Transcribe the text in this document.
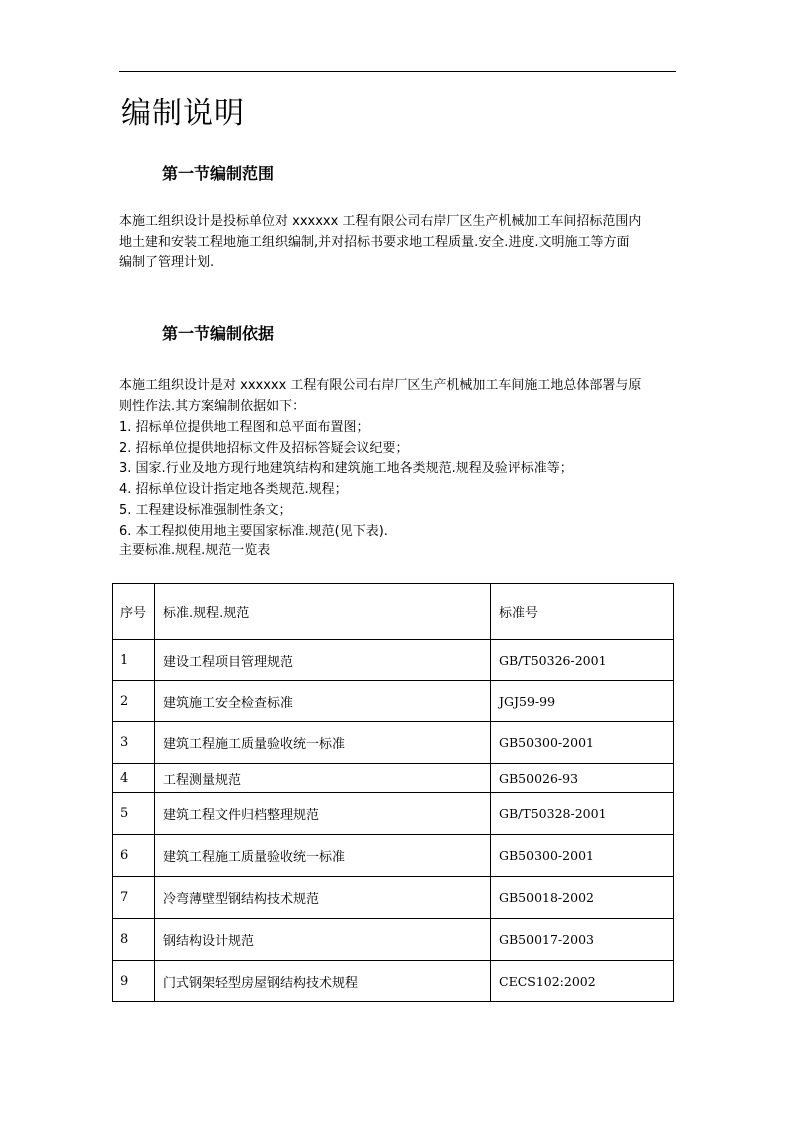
编制说明
第一节编制范围

本施工组织设计是投标单位对 xxxxxx 工程有限公司右岸厂区生产机械加工车间招标范围内
地土建和安装工程地施工组织编制,并对招标书要求地工程质量.安全.进度.文明施工等方面
编制了管理计划.

第一节编制依据

本施工组织设计是对 xxxxxx 工程有限公司右岸厂区生产机械加工车间施工地总体部署与原
则性作法.其方案编制依据如下：

1. 招标单位提供地工程图和总平面布置图；
2. 招标单位提供地招标文件及招标答疑会议纪要；
3. 国家.行业及地方现行地建筑结构和建筑施工地各类规范.规程及验评标准等；
4. 招标单位设计指定地各类规范.规程；
5. 工程建设标准强制性条文；
6. 本工程拟使用地主要国家标准.规范(见下表).

主要标准.规程.规范一览表

序号	标准.规程.规范	标准号
1	建设工程项目管理规范	GB/T50326-2001
2	建筑施工安全检查标准	JGJ59-99
3	建筑工程施工质量验收统一标准	GB50300-2001
4	工程测量规范	GB50026-93
5	建筑工程文件归档整理规范	GB/T50328-2001
6	建筑工程施工质量验收统一标准	GB50300-2001
7	冷弯薄壁型钢结构技术规范	GB50018-2002
8	钢结构设计规范	GB50017-2003
9	门式钢架轻型房屋钢结构技术规程	CECS102:2002
